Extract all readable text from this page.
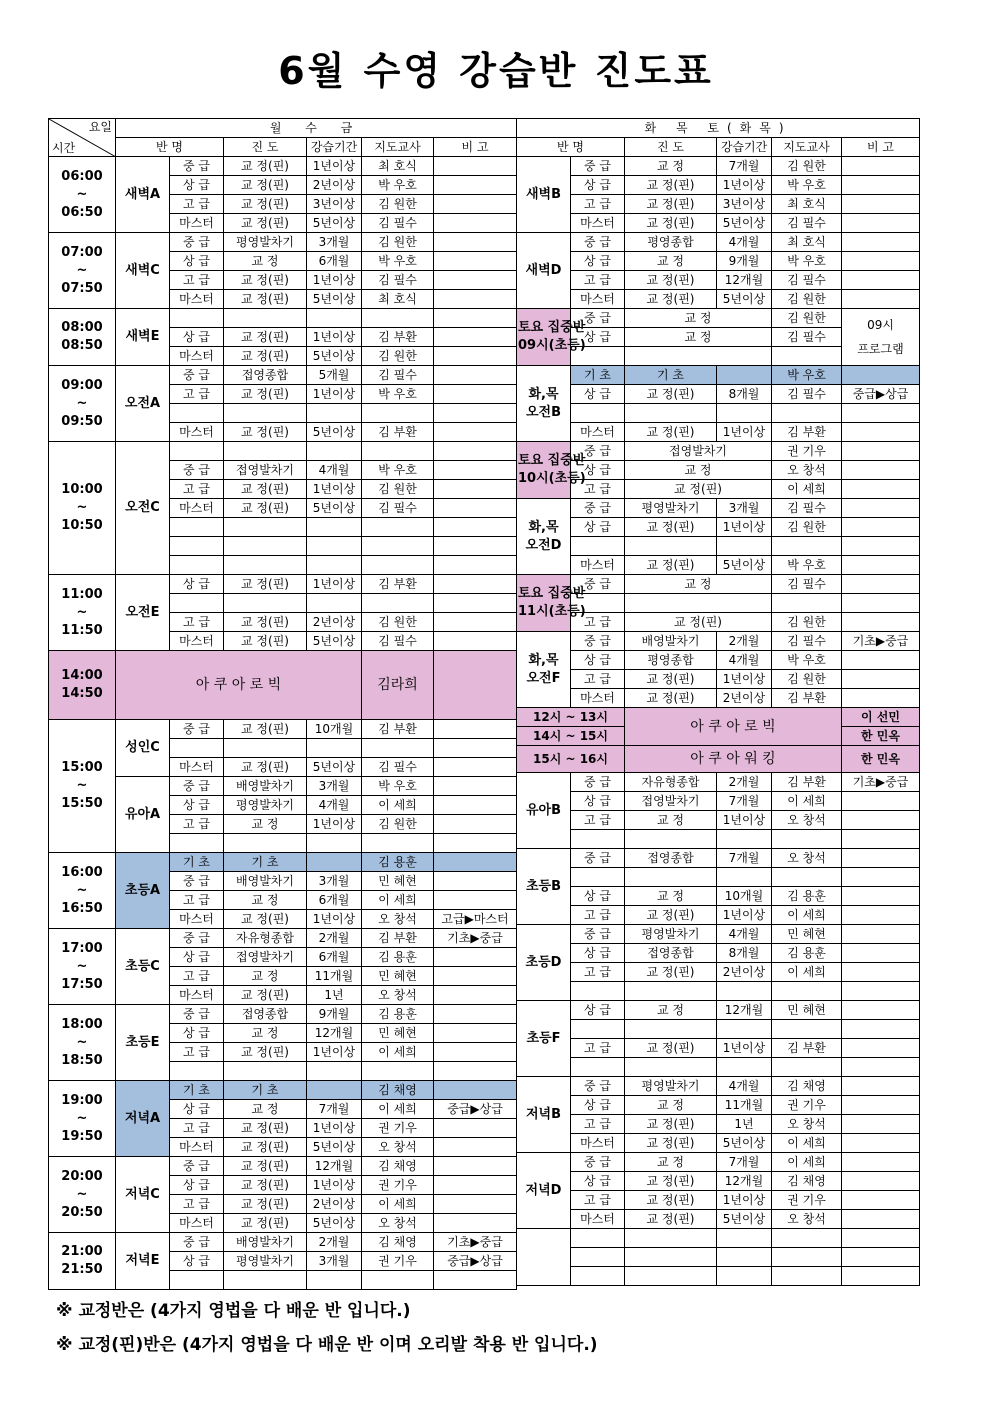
6월 수영 강습반 진도표
요일
시간	월 수 금					
	반 명		진 도	강습기간	지도교사	비 고
06:00
~
06:50	새벽A	중 급	교 정(핀)	1년이상	최 호식	
		상 급	교 정(핀)	2년이상	박 우호	
		고 급	교 정(핀)	3년이상	김 원한	
		마스터	교 정(핀)	5년이상	김 필수	
07:00
~
07:50	새벽C	중 급	평영발차기	3개월	김 원한	
		상 급	교 정	6개월	박 우호	
		고 급	교 정(핀)	1년이상	김 필수	
		마스터	교 정(핀)	5년이상	최 호식	
08:00
08:50	새벽E					
		상 급	교 정(핀)	1년이상	김 부환	
		마스터	교 정(핀)	5년이상	김 원한	
09:00
~
09:50	오전A	중 급	접영종합	5개월	김 필수	
		고 급	교 정(핀)	1년이상	박 우호	

		마스터	교 정(핀)	5년이상	김 부환	
10:00
~
10:50	오전C					
		중 급	접영발차기	4개월	박 우호	
		고 급	교 정(핀)	1년이상	김 원한	
		마스터	교 정(핀)	5년이상	김 필수	

11:00
~
11:50	오전E	상 급	교 정(핀)	1년이상	김 부환	

		고 급	교 정(핀)	2년이상	김 원한	
		마스터	교 정(핀)	5년이상	김 필수	
14:00
14:50	아 쿠 아 로 빅				김라희	
15:00
~
15:50	성인C	중 급	교 정(핀)	10개월	김 부환	

		마스터	교 정(핀)	5년이상	김 필수	
	유아A	중 급	배영발차기	3개월	박 우호	
		상 급	평영발차기	4개월	이 세희	
		고 급	교 정	1년이상	김 원한	

16:00
~
16:50	초등A	기 초	기 초		김 용훈	
		중 급	배영발차기	3개월	민 혜현	
		고 급	교 정	6개월	이 세희	
		마스터	교 정(핀)	1년이상	오 창석	고급▶마스터
17:00
~
17:50	초등C	중 급	자유형종합	2개월	김 부환	기초▶중급
		상 급	접영발차기	6개월	김 용훈	
		고 급	교 정	11개월	민 혜현	
		마스터	교 정(핀)	1년	오 창석	
18:00
~
18:50	초등E	중 급	접영종합	9개월	김 용훈	
		상 급	교 정	12개월	민 혜현	
		고 급	교 정(핀)	1년이상	이 세희	

19:00
~
19:50	저녁A	기 초	기 초		김 채영	
		상 급	교 정	7개월	이 세희	중급▶상급
		고 급	교 정(핀)	1년이상	권 기우	
		마스터	교 정(핀)	5년이상	오 창석	
20:00
~
20:50	저녁C	중 급	교 정(핀)	12개월	김 채영	
		상 급	교 정(핀)	1년이상	권 기우	
		고 급	교 정(핀)	2년이상	이 세희	
		마스터	교 정(핀)	5년이상	오 창석	
21:00
21:50	저녁E	중 급	배영발차기	2개월	김 채영	기초▶중급
		상 급	평영발차기	3개월	권 기우	중급▶상급

화 목 토(화목)					
반 명		진 도	강습기간	지도교사	비 고
새벽B	중 급	교 정	7개월	김 원한	
	상 급	교 정(핀)	1년이상	박 우호	
	고 급	교 정(핀)	3년이상	최 호식	
	마스터	교 정(핀)	5년이상	김 필수	
새벽D	중 급	평영종합	4개월	최 호식	
	상 급	교 정	9개월	박 우호	
	고 급	교 정(핀)	12개월	김 필수	
	마스터	교 정(핀)	5년이상	김 원한	
토요 집중반
09시(초등)	중 급	교 정		김 원한	09시
프로그램
	상 급	교 정		김 필수	

화,목
오전B	기 초	기 초		박 우호	
	상 급	교 정(핀)	8개월	김 필수	중급▶상급

	마스터	교 정(핀)	1년이상	김 부환	
토요 집중반
10시(초등)	중 급	접영발차기		권 기우	
	상 급	교 정		오 창석	
	고 급	교 정(핀)		이 세희	
화,목
오전D	중 급	평영발차기	3개월	김 필수	
	상 급	교 정(핀)	1년이상	김 원한	

	마스터	교 정(핀)	5년이상	박 우호	
토요 집중반
11시(초등)	중 급	교 정		김 필수	

	고 급	교 정(핀)		김 원한	
화,목
오전F	중 급	배영발차기	2개월	김 필수	기초▶중급
	상 급	평영종합	4개월	박 우호	
	고 급	교 정(핀)	1년이상	김 원한	
	마스터	교 정(핀)	2년이상	김 부환	
12시 ~ 13시		아 쿠 아 로 빅			이 선민
14시 ~ 15시					한 민옥
15시 ~ 16시		아 쿠 아 워 킹			한 민옥
유아B	중 급	자유형종합	2개월	김 부환	기초▶중급
	상 급	접영발차기	7개월	이 세희	
	고 급	교 정	1년이상	오 창석	

초등B	중 급	접영종합	7개월	오 창석	

	상 급	교 정	10개월	김 용훈	
	고 급	교 정(핀)	1년이상	이 세희	
초등D	중 급	평영발차기	4개월	민 혜현	
	상 급	접영종합	8개월	김 용훈	
	고 급	교 정(핀)	2년이상	이 세희	

초등F	상 급	교 정	12개월	민 혜현	

	고 급	교 정(핀)	1년이상	김 부환	

저녁B	중 급	평영발차기	4개월	김 채영	
	상 급	교 정	11개월	권 기우	
	고 급	교 정(핀)	1년	오 창석	
	마스터	교 정(핀)	5년이상	이 세희	
저녁D	중 급	교 정	7개월	이 세희	
	상 급	교 정(핀)	12개월	김 채영	
	고 급	교 정(핀)	1년이상	권 기우	
	마스터	교 정(핀)	5년이상	오 창석	

※ 교정반은 (4가지 영법을 다 배운 반 입니다.)
※ 교정(핀)반은 (4가지 영법을 다 배운 반 이며 오리발 착용 반 입니다.)
